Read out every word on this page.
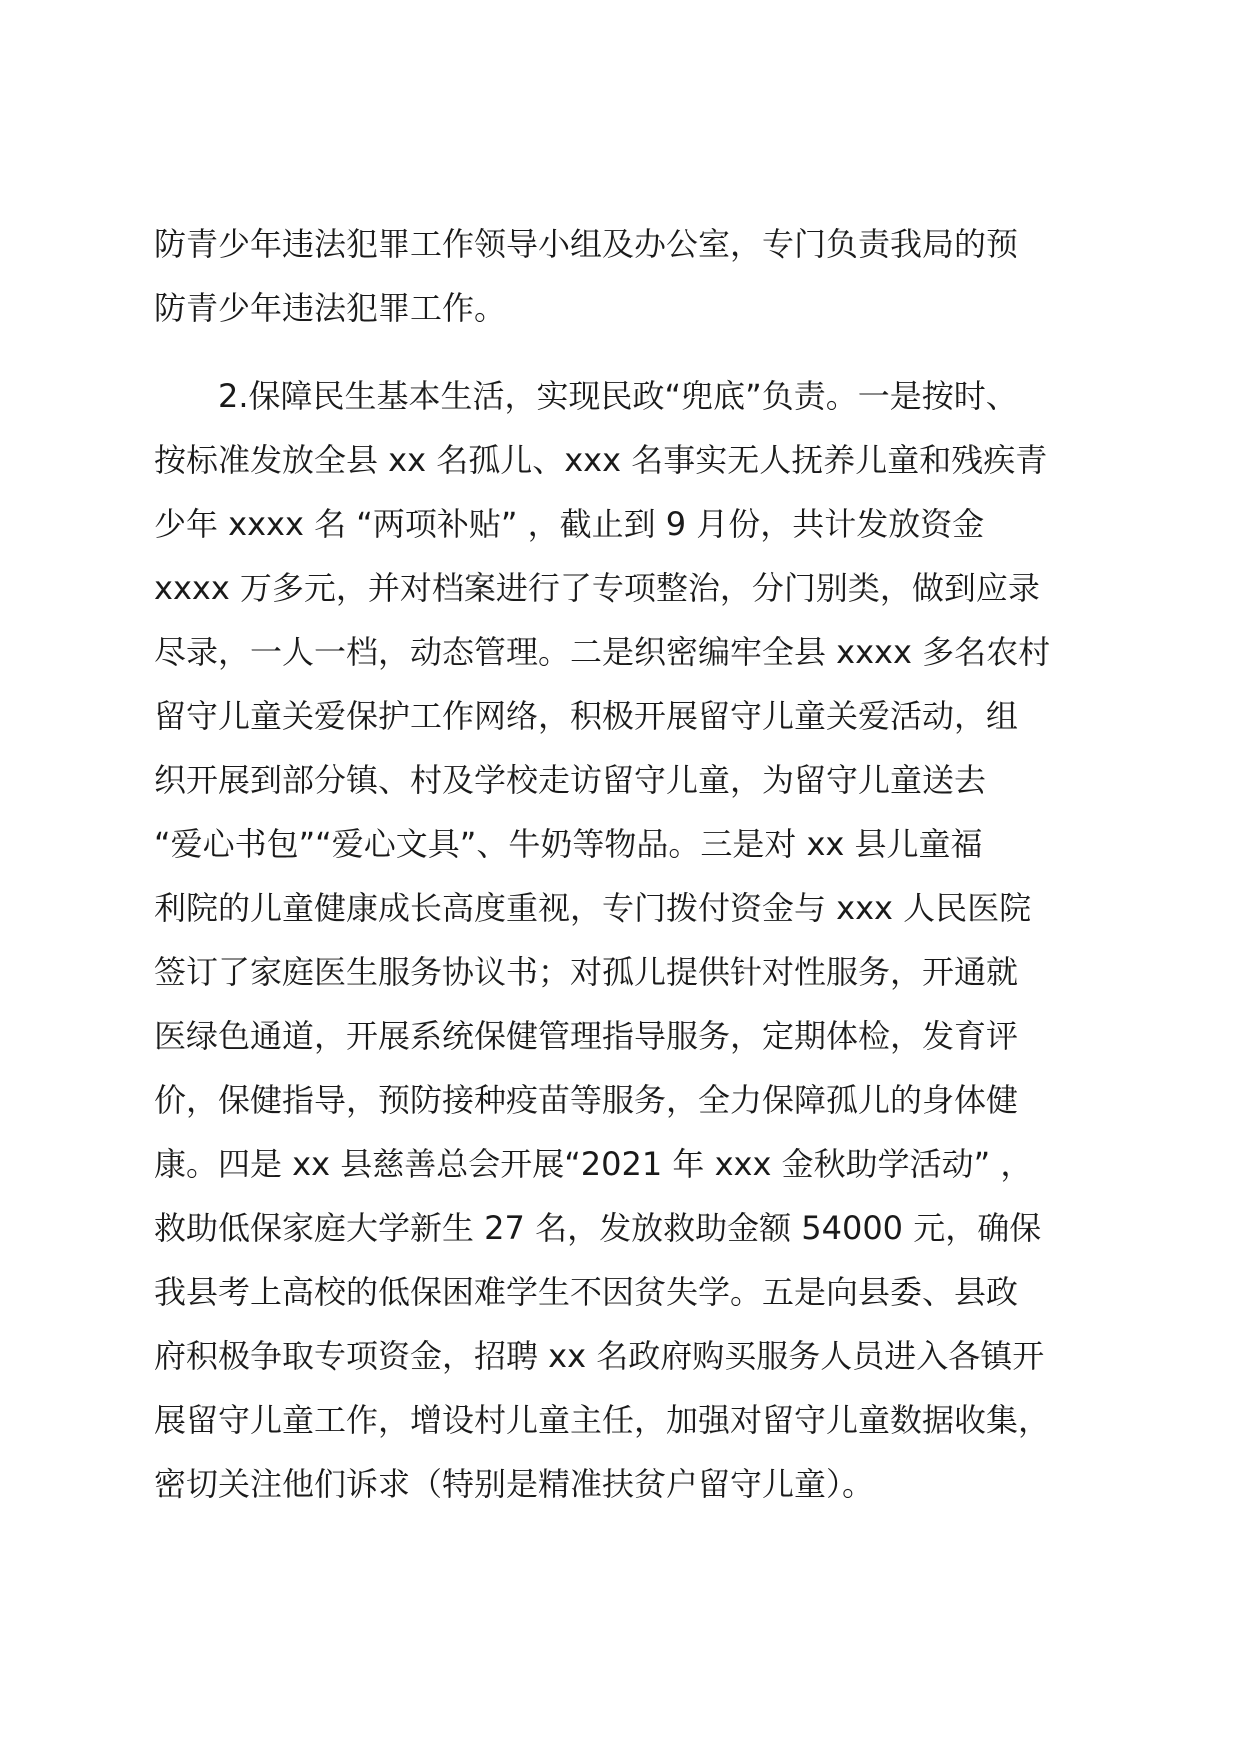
防青少年违法犯罪工作领导小组及办公室，专门负责我局的预
防青少年违法犯罪工作。
　　2.保障民生基本生活，实现民政“兜底”负责。一是按时、
按标准发放全县 xx 名孤儿、xxx 名事实无人抚养儿童和残疾青
少年 xxxx 名 “两项补贴” ，截止到 9 月份，共计发放资金
xxxx 万多元，并对档案进行了专项整治，分门别类，做到应录
尽录，一人一档，动态管理。二是织密编牢全县 xxxx 多名农村
留守儿童关爱保护工作网络，积极开展留守儿童关爱活动，组
织开展到部分镇、村及学校走访留守儿童，为留守儿童送去
“爱心书包”“爱心文具”、牛奶等物品。三是对 xx 县儿童福
利院的儿童健康成长高度重视，专门拨付资金与 xxx 人民医院
签订了家庭医生服务协议书；对孤儿提供针对性服务，开通就
医绿色通道，开展系统保健管理指导服务，定期体检，发育评
价，保健指导，预防接种疫苗等服务，全力保障孤儿的身体健
康。四是 xx 县慈善总会开展“2021 年 xxx 金秋助学活动” ，
救助低保家庭大学新生 27 名，发放救助金额 54000 元，确保
我县考上高校的低保困难学生不因贫失学。五是向县委、县政
府积极争取专项资金，招聘 xx 名政府购买服务人员进入各镇开
展留守儿童工作，增设村儿童主任，加强对留守儿童数据收集，
密切关注他们诉求（特别是精准扶贫户留守儿童）。
